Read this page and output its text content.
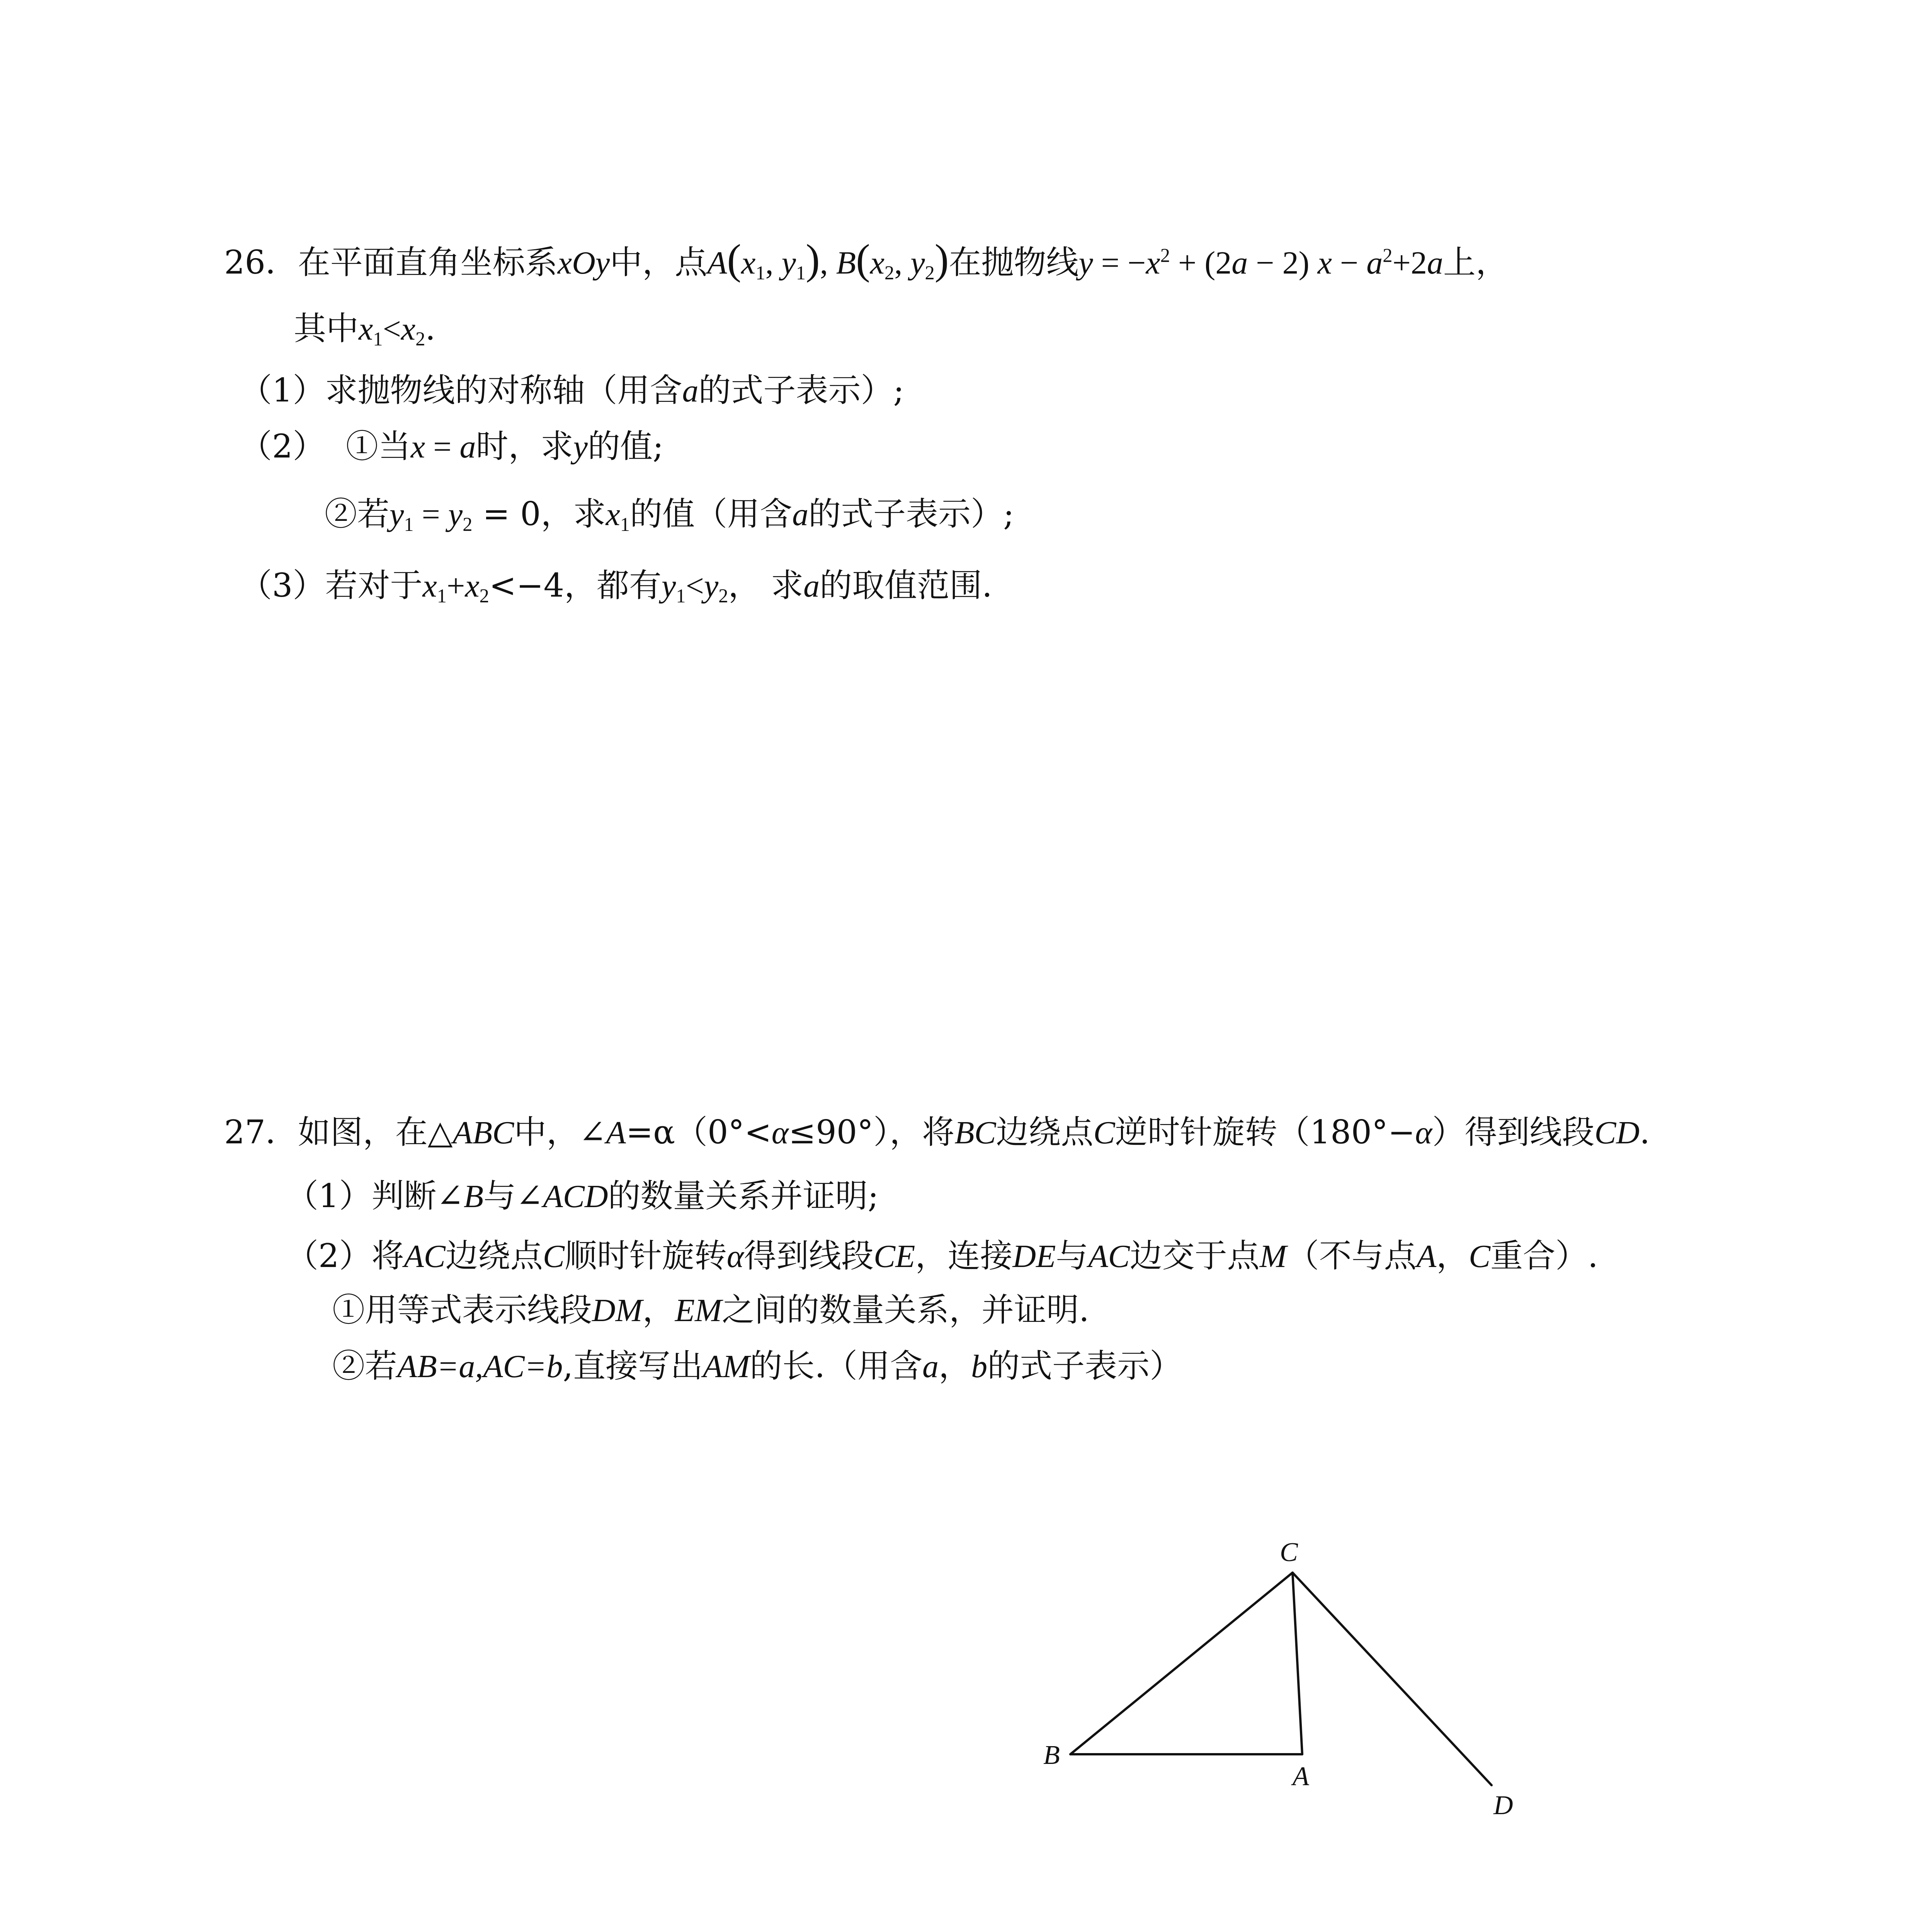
26．在平面直角坐标系xOy中，点$A(x_1$, $y_1$), $B(x_2$, $y_2$)在抛物线$y = -x^2 + (2a - 2) x - a^2+2a$上，
其中$x_1<x_2$.
（1）求抛物线的对称轴（用含a的式子表示）;
（2） ①当x = a时，求y的值;
②若$y_1 = y_2 = 0$，求$x_1$的值（用含a的式子表示）;
（3）若对于$x_1+x_2<-4$，都有$y_1<y_2$， 求a的取值范围.
27．如图，在△ABC中，∠A=α（0°<α≤90°），将BC边绕点C逆时针旋转（180°−α）得到线段CD.
（1）判断∠B与∠ACD的数量关系并证明;
（2）将AC边绕点C顺时针旋转α得到线段CE，连接DE与AC边交于点M（不与点A，C重合）.
①用等式表示线段DM，EM之间的数量关系，并证明.
②若AB=a,AC=b,直接写出AM的长.（用含a，b的式子表示）
C
B
A
D
